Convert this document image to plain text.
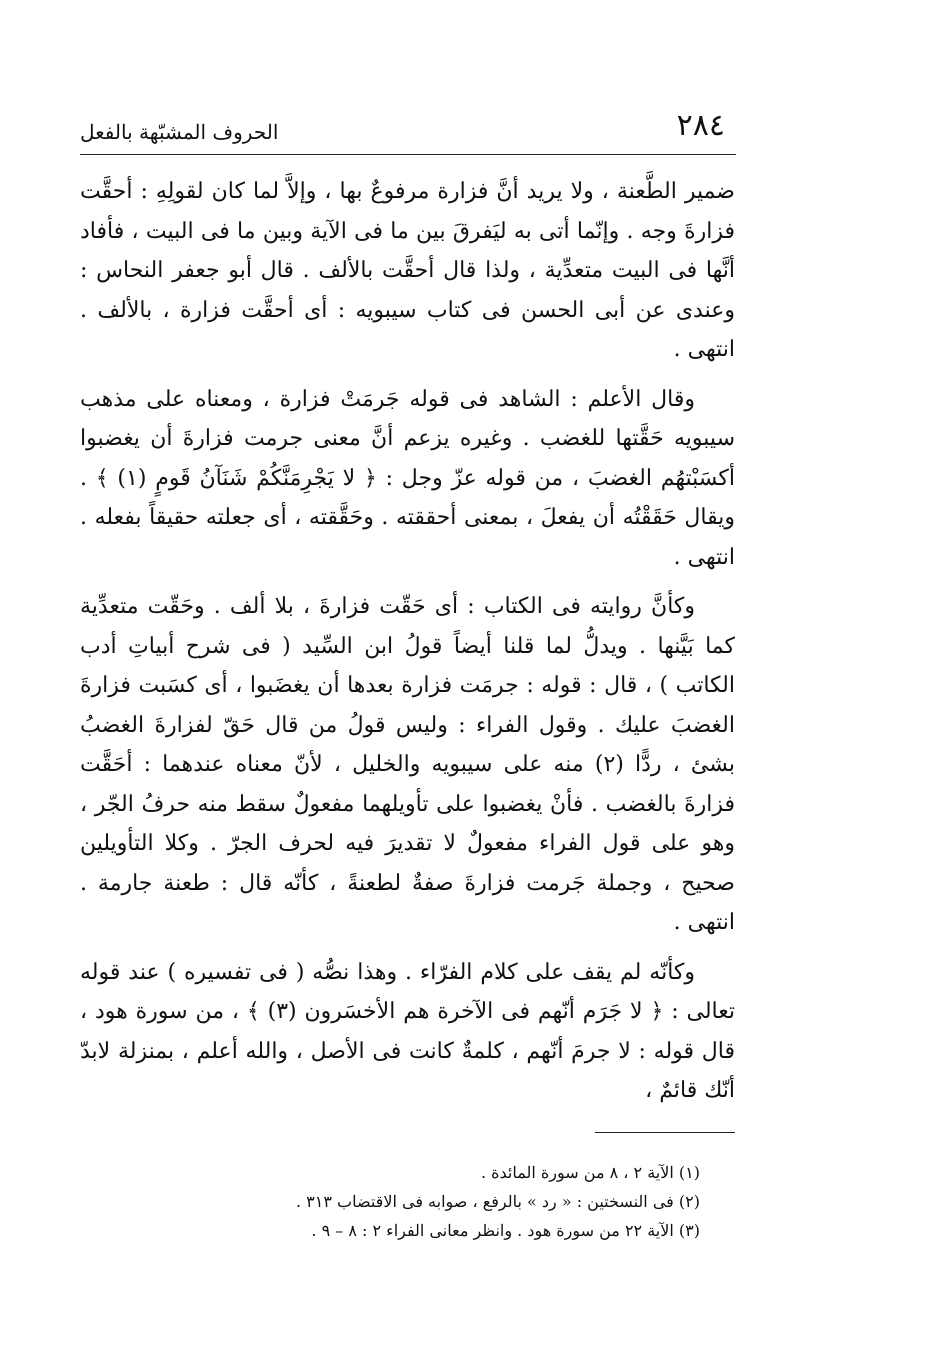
٢٨٤
الحروف المشبّهة بالفعل

ضمير الطَّعنة ، ولا يريد أنَّ فزارة مرفوعٌ بها ، وإلاَّ لما كان لقولِهِ : أحقَّت فزارةَ وجه . وإنّما أتى به ليَفرقَ بين ما فى الآية وبين ما فى البيت ، فأفاد أنَّها فى البيت متعدِّية ، ولذا قال أحقَّت بالألف . قال أبو جعفر النحاس : وعندى عن أبى الحسن فى كتاب سيبويه : أى أحقَّت فزارة ، بالألف . انتهى .

وقال الأعلم : الشاهد فى قوله جَرمَتْ فزارة ، ومعناه على مذهب سيبويه حَقَّتها للغضب . وغيره يزعم أنَّ معنى جرمت فزارةَ أن يغضبوا أكسَبْتهُم الغضبَ ، من قوله عزّ وجل : ﴿ لا يَجْرِمَنَّكُمْ شَنَآنُ قَومٍ (١) ﴾ . ويقال حَقَقْتُه أن يفعلَ ، بمعنى أحققته . وحَقَّقته ، أى جعلته حقيقاً بفعله . انتهى .

وكأنَّ روايته فى الكتاب : أى حَقّت فزارةَ ، بلا ألف . وحَقّت متعدِّية كما بَيَّنها . ويدلُّ لما قلنا أيضاً قولُ ابن السِّيد ( فى شرح أبياتِ أدب الكاتب ) ، قال : قوله : جرمَت فزارة بعدها أن يغضَبوا ، أى كسَبت فزارةَ الغضبَ عليك . وقول الفراء : وليس قولُ من قال حَقّ لفزارةَ الغضبُ بشئ ، ردًّا (٢) منه على سيبويه والخليل ، لأنّ معناه عندهما : أحَقَّت فزارةَ بالغضب . فأنْ يغضبوا على تأويلهما مفعولٌ سقط منه حرفُ الجّر ، وهو على قول الفراء مفعولٌ لا تقديرَ فيه لحرف الجرّ . وكلا التأويلين صحيح ، وجملة جَرمت فزارةَ صفةٌ لطعنةً ، كأنّه قال : طعنة جارمة . انتهى .

وكأنّه لم يقف على كلام الفرّاء . وهذا نصُّه ( فى تفسيره ) عند قوله تعالى : ﴿ لا جَرَم أنّهم فى الآخرة هم الأخسَرون (٣) ﴾ ، من سورة هود ، قال قوله : لا جرمَ أنّهم ، كلمةٌ كانت فى الأصل ، والله أعلم ، بمنزلة لابدّ أنّك قائمٌ ،

(١) الآية ٢ ، ٨ من سورة المائدة .

(٢) فى النسختين : « رد » بالرفع ، صوابه فى الاقتضاب ٣١٣ .

(٣) الآية ٢٢ من سورة هود . وانظر معانى الفراء ٢ : ٨ – ٩ .
